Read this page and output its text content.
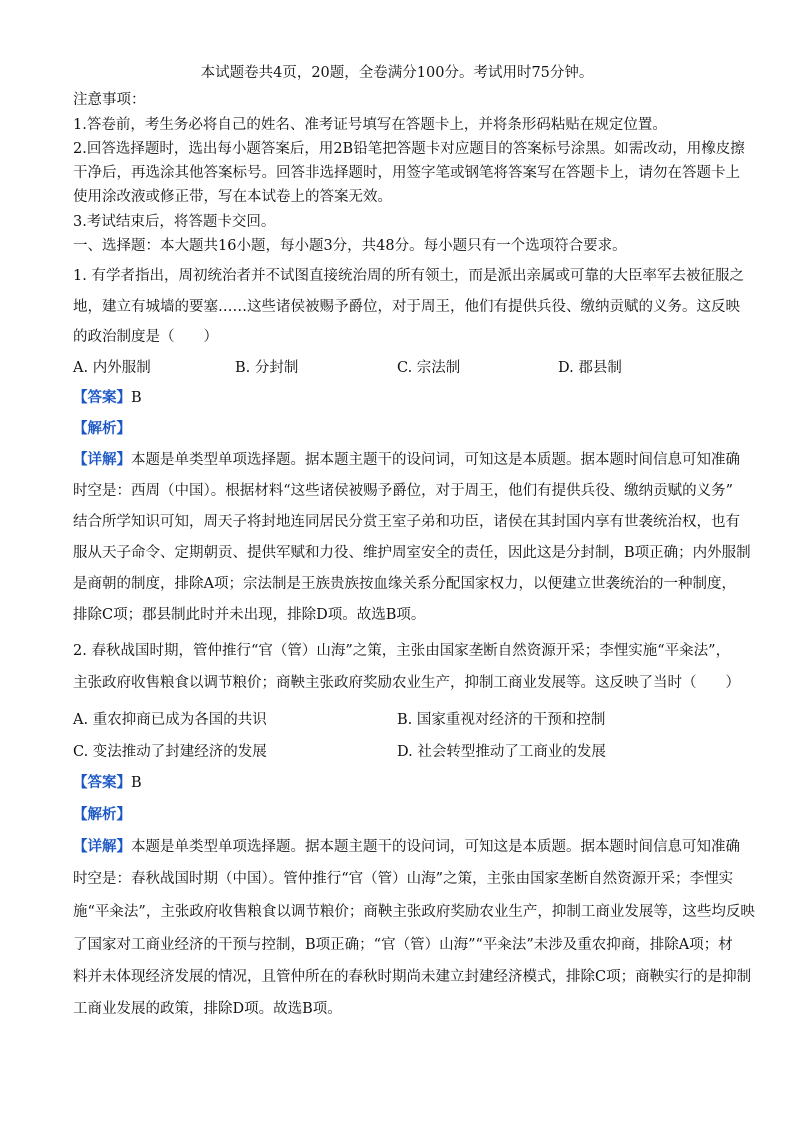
本试题卷共4页，20题，全卷满分100分。考试用时75分钟。
注意事项：
1.答卷前，考生务必将自己的姓名、准考证号填写在答题卡上，并将条形码粘贴在规定位置。
2.回答选择题时，选出每小题答案后，用2B铅笔把答题卡对应题目的答案标号涂黑。如需改动，用橡皮擦
干净后，再选涂其他答案标号。回答非选择题时，用签字笔或钢笔将答案写在答题卡上，请勿在答题卡上
使用涂改液或修正带，写在本试卷上的答案无效。
3.考试结束后，将答题卡交回。
一、选择题：本大题共16小题，每小题3分，共48分。每小题只有一个选项符合要求。
1. 有学者指出，周初统治者并不试图直接统治周的所有领土，而是派出亲属或可靠的大臣率军去被征服之
地，建立有城墙的要塞……这些诸侯被赐予爵位，对于周王，他们有提供兵役、缴纳贡赋的义务。这反映
的政治制度是（　　）
A. 内外服制	B. 分封制	C. 宗法制	D. 郡县制
【答案】B
【解析】
【详解】本题是单类型单项选择题。据本题主题干的设问词，可知这是本质题。据本题时间信息可知准确
时空是：西周（中国）。根据材料“这些诸侯被赐予爵位，对于周王，他们有提供兵役、缴纳贡赋的义务”
结合所学知识可知，周天子将封地连同居民分赏王室子弟和功臣，诸侯在其封国内享有世袭统治权，也有
服从天子命令、定期朝贡、提供军赋和力役、维护周室安全的责任，因此这是分封制，B项正确；内外服制
是商朝的制度，排除A项；宗法制是王族贵族按血缘关系分配国家权力，以便建立世袭统治的一种制度，
排除C项；郡县制此时并未出现，排除D项。故选B项。
2. 春秋战国时期，管仲推行“官（管）山海”之策，主张由国家垄断自然资源开采；李悝实施“平籴法”，
主张政府收售粮食以调节粮价；商鞅主张政府奖励农业生产，抑制工商业发展等。这反映了当时（　　）
A. 重农抑商已成为各国的共识	B. 国家重视对经济的干预和控制
C. 变法推动了封建经济的发展	D. 社会转型推动了工商业的发展
【答案】B
【解析】
【详解】本题是单类型单项选择题。据本题主题干的设问词，可知这是本质题。据本题时间信息可知准确
时空是：春秋战国时期（中国）。管仲推行“官（管）山海”之策，主张由国家垄断自然资源开采；李悝实
施“平籴法”，主张政府收售粮食以调节粮价；商鞅主张政府奖励农业生产，抑制工商业发展等，这些均反映
了国家对工商业经济的干预与控制，B项正确；“官（管）山海”“平籴法”未涉及重农抑商，排除A项；材
料并未体现经济发展的情况，且管仲所在的春秋时期尚未建立封建经济模式，排除C项；商鞅实行的是抑制
工商业发展的政策，排除D项。故选B项。
